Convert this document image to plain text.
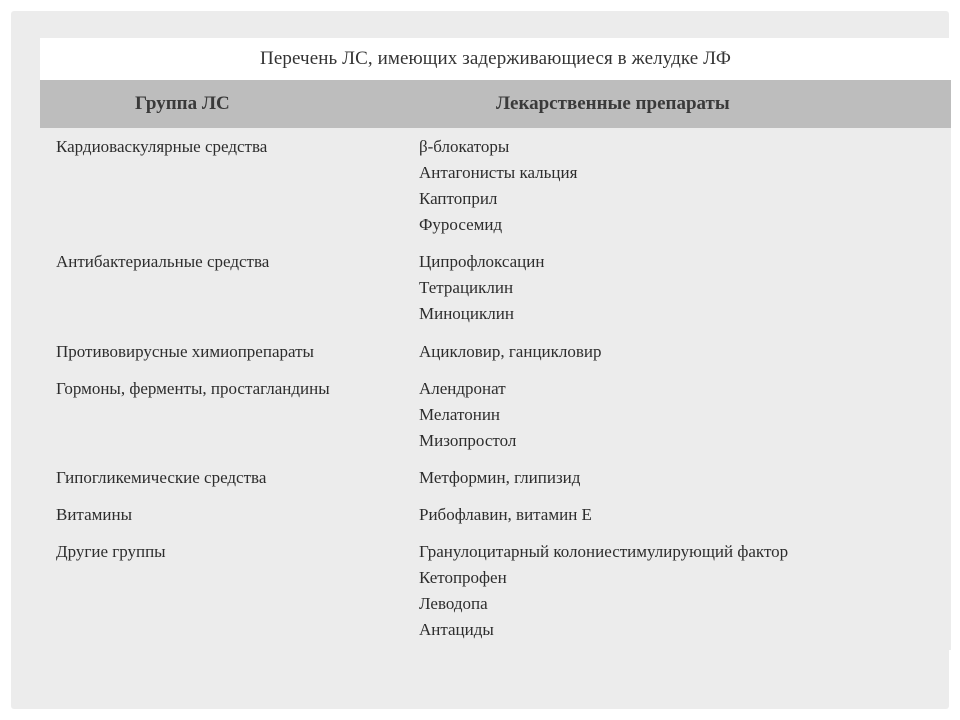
Перечень ЛС, имеющих задерживающиеся в желудке ЛФ
Группа ЛС	Лекарственные препараты
Кардиоваскулярные средства	β-блокаторы
Антагонисты кальция
Каптоприл
Фуросемид
Антибактериальные средства	Ципрофлоксацин
Тетрациклин
Миноциклин
Противовирусные химиопрепараты	Ацикловир, ганцикловир
Гормоны, ферменты, простагландины	Алендронат
Мелатонин
Мизопростол
Гипогликемические средства	Метформин, глипизид
Витамины	Рибофлавин, витамин Е
Другие группы	Гранулоцитарный колониестимулирующий фактор
Кетопрофен
Леводопа
Антациды
